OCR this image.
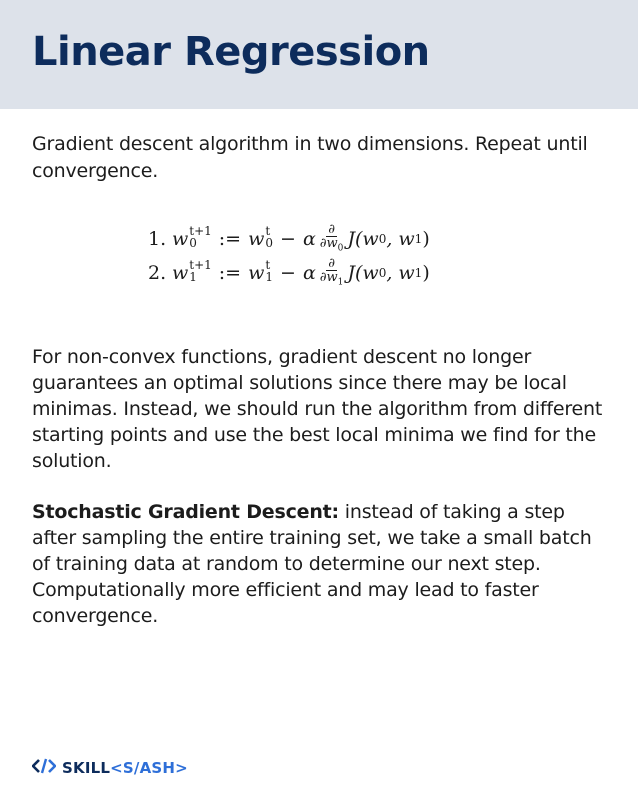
Linear Regression

Gradient descent algorithm in two dimensions. Repeat until convergence.

1. w t+1
0	:= w t
0 − α $\frac{\partial}{\partial w_0} J(w$ 0 , w 1 )
2. w t+1
1	:= w t
1 − α $\frac{\partial}{\partial w_1} J(w$ 0 , w 1 )

For non-convex functions, gradient descent no longer guarantees an optimal solutions since there may be local minimas. Instead, we should run the algorithm from different starting points and use the best local minima we find for the solution.

Stochastic Gradient Descent: instead of taking a step after sampling the entire training set, we take a small batch of training data at random to determine our next step. Computationally more efficient and may lead to faster convergence.

SKILL <S/ASH>
